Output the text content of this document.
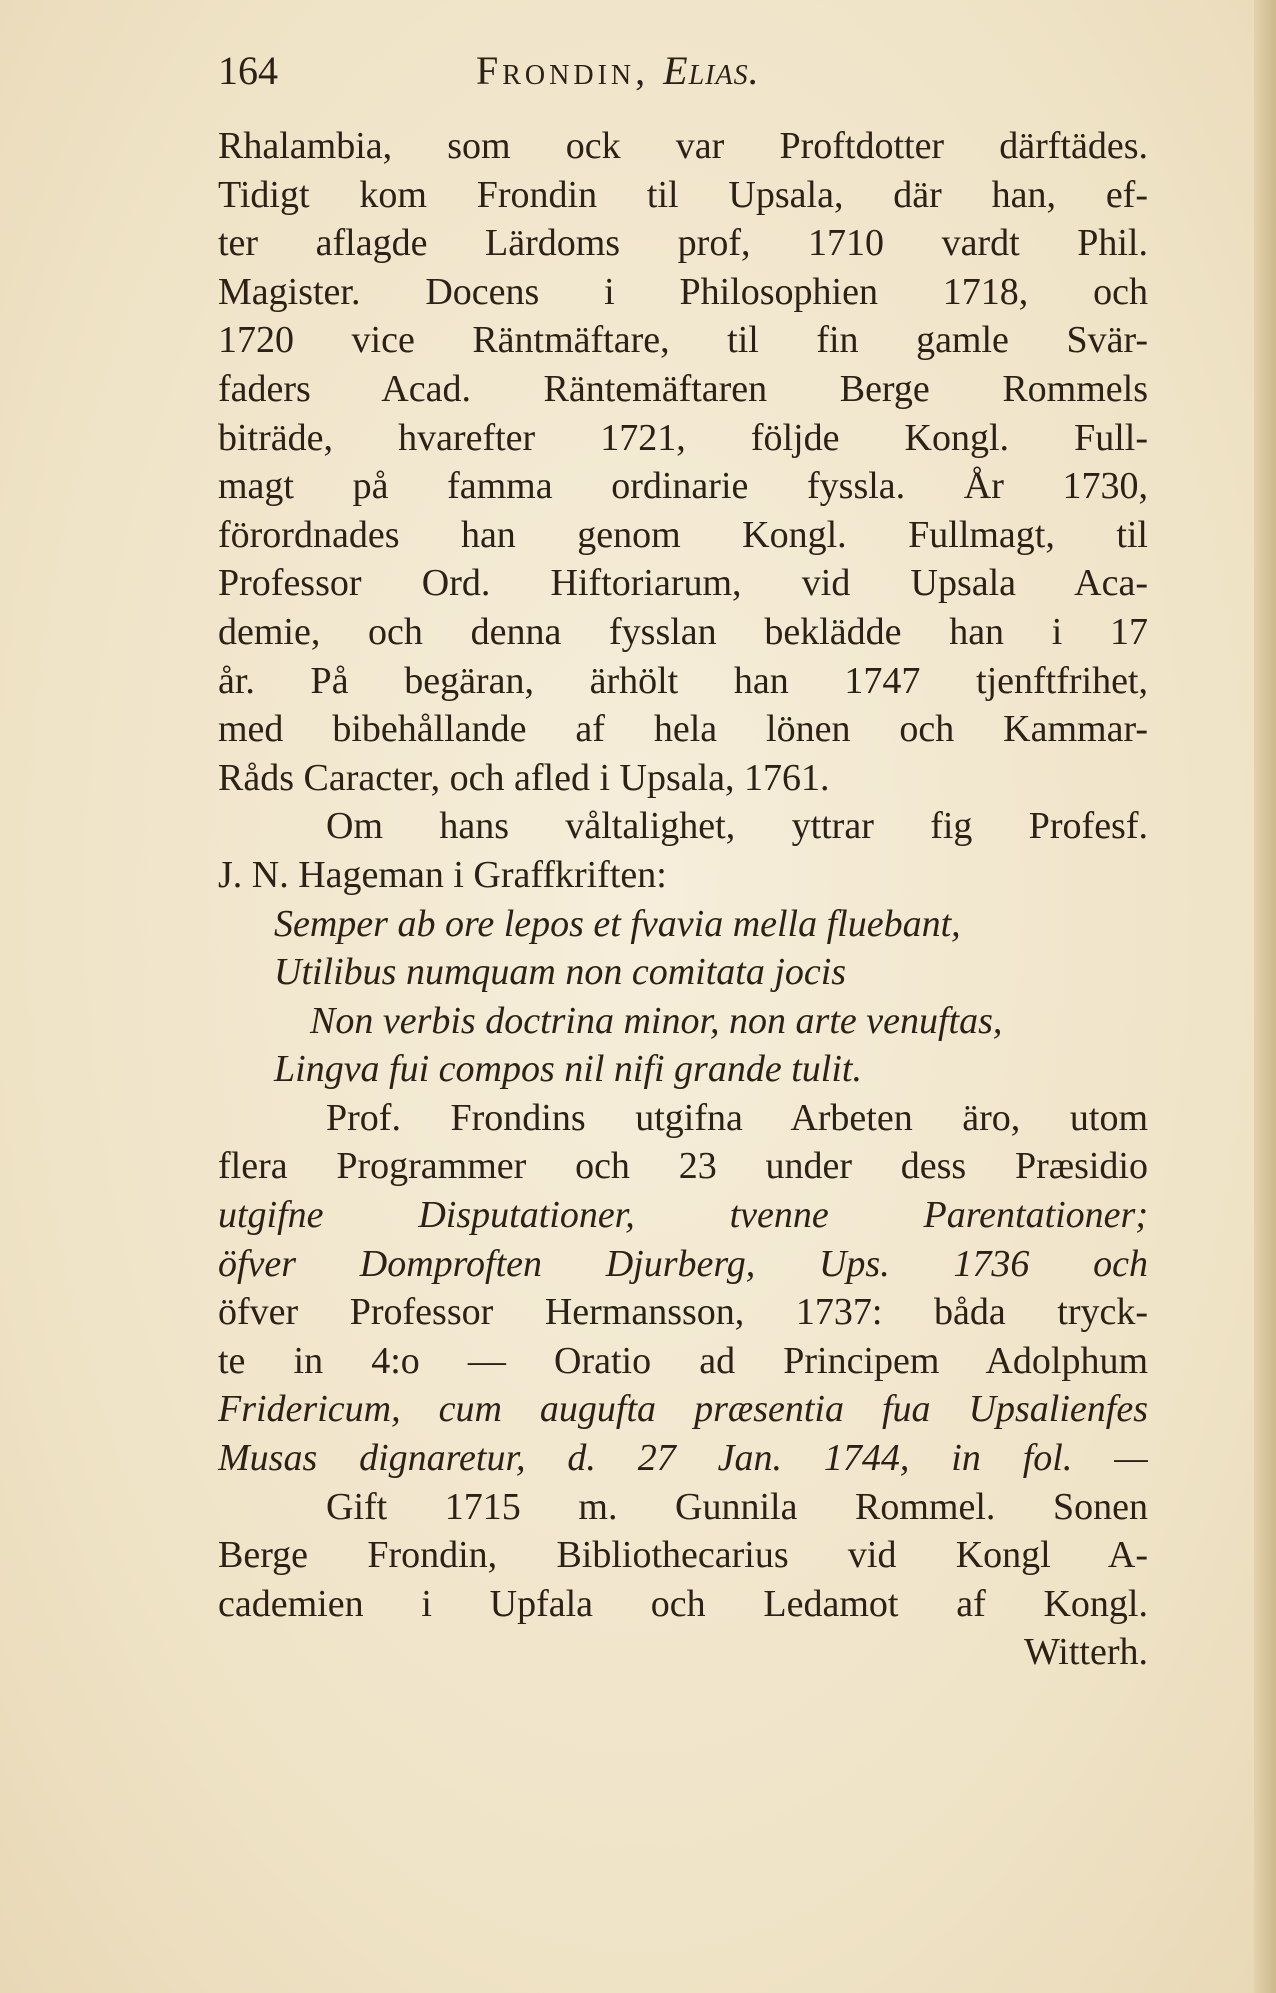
164	Frondin, Elias.
Rhalambia, som ock var Proftdotter därftädes.
Tidigt kom Frondin til Upsala, där han, ef-
ter aflagde Lärdoms prof, 1710 vardt Phil.
Magister. Docens i Philosophien 1718, och
1720 vice Räntmäftare, til fin gamle Svär-
faders Acad. Räntemäftaren Berge Rommels
biträde, hvarefter 1721, följde Kongl. Full-
magt på famma ordinarie fyssla. År 1730,
förordnades han genom Kongl. Fullmagt, til
Professor Ord. Hiftoriarum, vid Upsala Aca-
demie, och denna fysslan beklädde han i 17
år. På begäran, ärhölt han 1747 tjenftfrihet,
med bibehållande af hela lönen och Kammar-
Råds Caracter, och afled i Upsala, 1761.
Om hans våltalighet, yttrar fig Profesf.
J. N. Hageman i Graffkriften:
Semper ab ore lepos et fvavia mella fluebant,
Utilibus numquam non comitata jocis
Non verbis doctrina minor, non arte venuftas,
Lingva fui compos nil nifi grande tulit.
Prof. Frondins utgifna Arbeten äro, utom
flera Programmer och 23 under dess Præsidio
utgifne Disputationer, tvenne Parentationer;
öfver Domproften Djurberg, Ups. 1736 och
öfver Professor Hermansson, 1737: båda tryck-
te in 4:o — Oratio ad Principem Adolphum
Fridericum, cum augufta præsentia fua Upsalienfes
Musas dignaretur, d. 27 Jan. 1744, in fol. —
Gift 1715 m. Gunnila Rommel. Sonen
Berge Frondin, Bibliothecarius vid Kongl A-
cademien i Upfala och Ledamot af Kongl.
Witterh.
